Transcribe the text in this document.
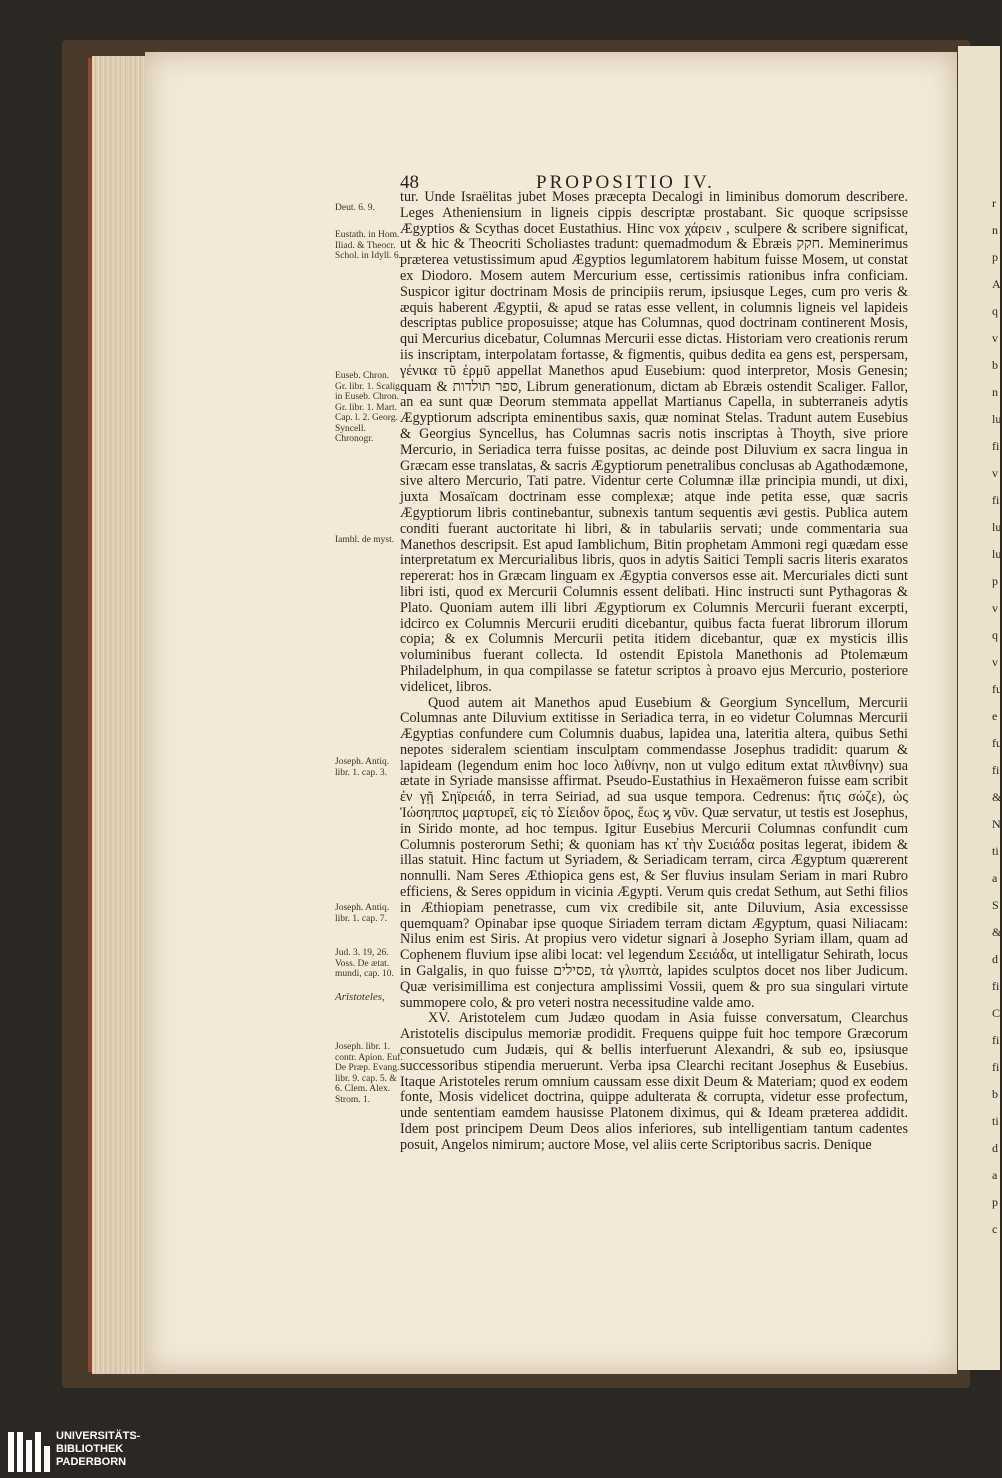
r
n
p
A
q
v
b
n
lu
fi
v
fi
lu
lu
p
v
q
v
fu
e
fu
fi
&
N
ti
a
S
&
d
fi
C
fi
fi
b
ti
d
a
p
c
48	PROPOSITIO IV.

tur. Unde Israëlitas jubet Moses præcepta Decalogi in liminibus domorum describere. Leges Atheniensium in ligneis cippis descriptæ prostabant. Sic quoque scripsisse Ægyptios & Scythas docet Eustathius. Hinc vox χάρειν , sculpere & scribere significat, ut & hic & Theocriti Scholiastes tradunt: quemadmodum & Ebræis חקק. Meminerimus præterea vetustissimum apud Ægyptios legumlatorem habitum fuisse Mosem, ut constat ex Diodoro. Mosem autem Mercurium esse, certissimis rationibus infra conficiam. Suspicor igitur doctrinam Mosis de principiis rerum, ipsiusque Leges, cum pro veris & æquis haberent Ægyptii, & apud se ratas esse vellent, in columnis ligneis vel lapideis descriptas publice proposuisse; atque has Columnas, quod doctrinam continerent Mosis, qui Mercurius dicebatur, Columnas Mercurii esse dictas. Historiam vero creationis rerum iis inscriptam, interpolatam fortasse, & figmentis, quibus dedita ea gens est, perspersam, γένικα τῦ ἑρμῦ appellat Manethos apud Eusebium: quod interpretor, Mosis Genesin; quam & ספר תולדות, Librum generationum, dictam ab Ebræis ostendit Scaliger. Fallor, an ea sunt quæ Deorum stemmata appellat Martianus Capella, in subterraneis adytis Ægyptiorum adscripta eminentibus saxis, quæ nominat Stelas. Tradunt autem Eusebius & Georgius Syncellus, has Columnas sacris notis inscriptas à Thoyth, sive priore Mercurio, in Seriadica terra fuisse positas, ac deinde post Diluvium ex sacra lingua in Græcam esse translatas, & sacris Ægyptiorum penetralibus conclusas ab Agathodæmone, sive altero Mercurio, Tati patre. Videntur certe Columnæ illæ principia mundi, ut dixi, juxta Mosaïcam doctrinam esse complexæ; atque inde petita esse, quæ sacris Ægyptiorum libris continebantur, subnexis tantum sequentis ævi gestis. Publica autem conditi fuerant auctoritate hi libri, & in tabulariis servati; unde commentaria sua Manethos descripsit. Est apud Iamblichum, Bitin prophetam Ammoni regi quædam esse interpretatum ex Mercurialibus libris, quos in adytis Saitici Templi sacris literis exaratos repererat: hos in Græcam linguam ex Ægyptia conversos esse ait. Mercuriales dicti sunt libri isti, quod ex Mercurii Columnis essent delibati. Hinc instructi sunt Pythagoras & Plato. Quoniam autem illi libri Ægyptiorum ex Columnis Mercurii fuerant excerpti, idcirco ex Columnis Mercurii eruditi dicebantur, quibus facta fuerat librorum illorum copia; & ex Columnis Mercurii petita itidem dicebantur, quæ ex mysticis illis voluminibus fuerant collecta. Id ostendit Epistola Manethonis ad Ptolemæum Philadelphum, in qua compilasse se fatetur scriptos à proavo ejus Mercurio, posteriore videlicet, libros.

Quod autem ait Manethos apud Eusebium & Georgium Syncellum, Mercurii Columnas ante Diluvium extitisse in Seriadica terra, in eo videtur Columnas Mercurii Ægyptias confundere cum Columnis duabus, lapidea una, lateritia altera, quibus Sethi nepotes sideralem scientiam insculptam commendasse Josephus tradidit: quarum & lapideam (legendum enim hoc loco λιθίνην, non ut vulgo editum extat πλινθίνην) sua ætate in Syriade mansisse affirmat. Pseudo-Eustathius in Hexaëmeron fuisse eam scribit ἐν γῇ Σηϊρειάδ, in terra Seiriad, ad sua usque tempora. Cedrenus: ἥτις σώζε), ὡς Ἰώσηππος μαρτυρεῖ, εἰς τὸ Σίειδον ὄρος, ἕως ϗ νῦν. Quæ servatur, ut testis est Josephus, in Sirido monte, ad hoc tempus. Igitur Eusebius Mercurii Columnas confundit cum Columnis posterorum Sethi; & quoniam has κτ̓ τὴν Συειάδα positas legerat, ibidem & illas statuit. Hinc factum ut Syriadem, & Seriadicam terram, circa Ægyptum quærerent nonnulli. Nam Seres Æthiopica gens est, & Ser fluvius insulam Seriam in mari Rubro efficiens, & Seres oppidum in vicinia Ægypti. Verum quis credat Sethum, aut Sethi filios in Æthiopiam penetrasse, cum vix credibile sit, ante Diluvium, Asia excessisse quemquam? Opinabar ipse quoque Siriadem terram dictam Ægyptum, quasi Niliacam: Nilus enim est Siris. At propius vero videtur signari à Josepho Syriam illam, quam ad Cophenem fluvium ipse alibi locat: vel legendum Σεειάδα, ut intelligatur Sehirath, locus in Galgalis, in quo fuisse פסילים, τὰ γλυπτὰ, lapides sculptos docet nos liber Judicum. Quæ verisimillima est conjectura amplissimi Vossii, quem & pro sua singulari virtute summopere colo, & pro veteri nostra necessitudine valde amo.

XV. Aristotelem cum Judæo quodam in Asia fuisse conversatum, Clearchus Aristotelis discipulus memoriæ prodidit. Frequens quippe fuit hoc tempore Græcorum consuetudo cum Judæis, qui & bellis interfuerunt Alexandri, & sub eo, ipsiusque successoribus stipendia meruerunt. Verba ipsa Clearchi recitant Josephus & Eusebius. Itaque Aristoteles rerum omnium caussam esse dixit Deum & Materiam; quod ex eodem fonte, Mosis videlicet doctrina, quippe adulterata & corrupta, videtur esse profectum, unde sententiam eamdem hausisse Platonem diximus, qui & Ideam præterea addidit. Idem post principem Deum Deos alios inferiores, sub intelligentiam tantum cadentes posuit, Angelos nimirum; auctore Mose, vel aliis certe Scriptoribus sacris. Denique

Deut. 6. 9.

Eustath. in Hom. Iliad. & Theocr. Schol. in Idyll. 6.

Euseb. Chron. Gr. libr. 1. Scalig. in Euseb. Chron. Gr. libr. 1. Mart. Cap. l. 2. Georg. Syncell. Chronogr.

Iambl. de myst.

Joseph. Antiq. libr. 1. cap. 3.

Joseph. Antiq. libr. 1. cap. 7.

Jud. 3. 19, 26. Voss. De ætat. mundi, cap. 10.

Aristoteles,

Joseph. libr. 1. contr. Apion. Euf. De Præp. Evang. libr. 9. cap. 5. & 6. Clem. Alex. Strom. 1.

UNIVERSITÄTS-
BIBLIOTHEK
PADERBORN
